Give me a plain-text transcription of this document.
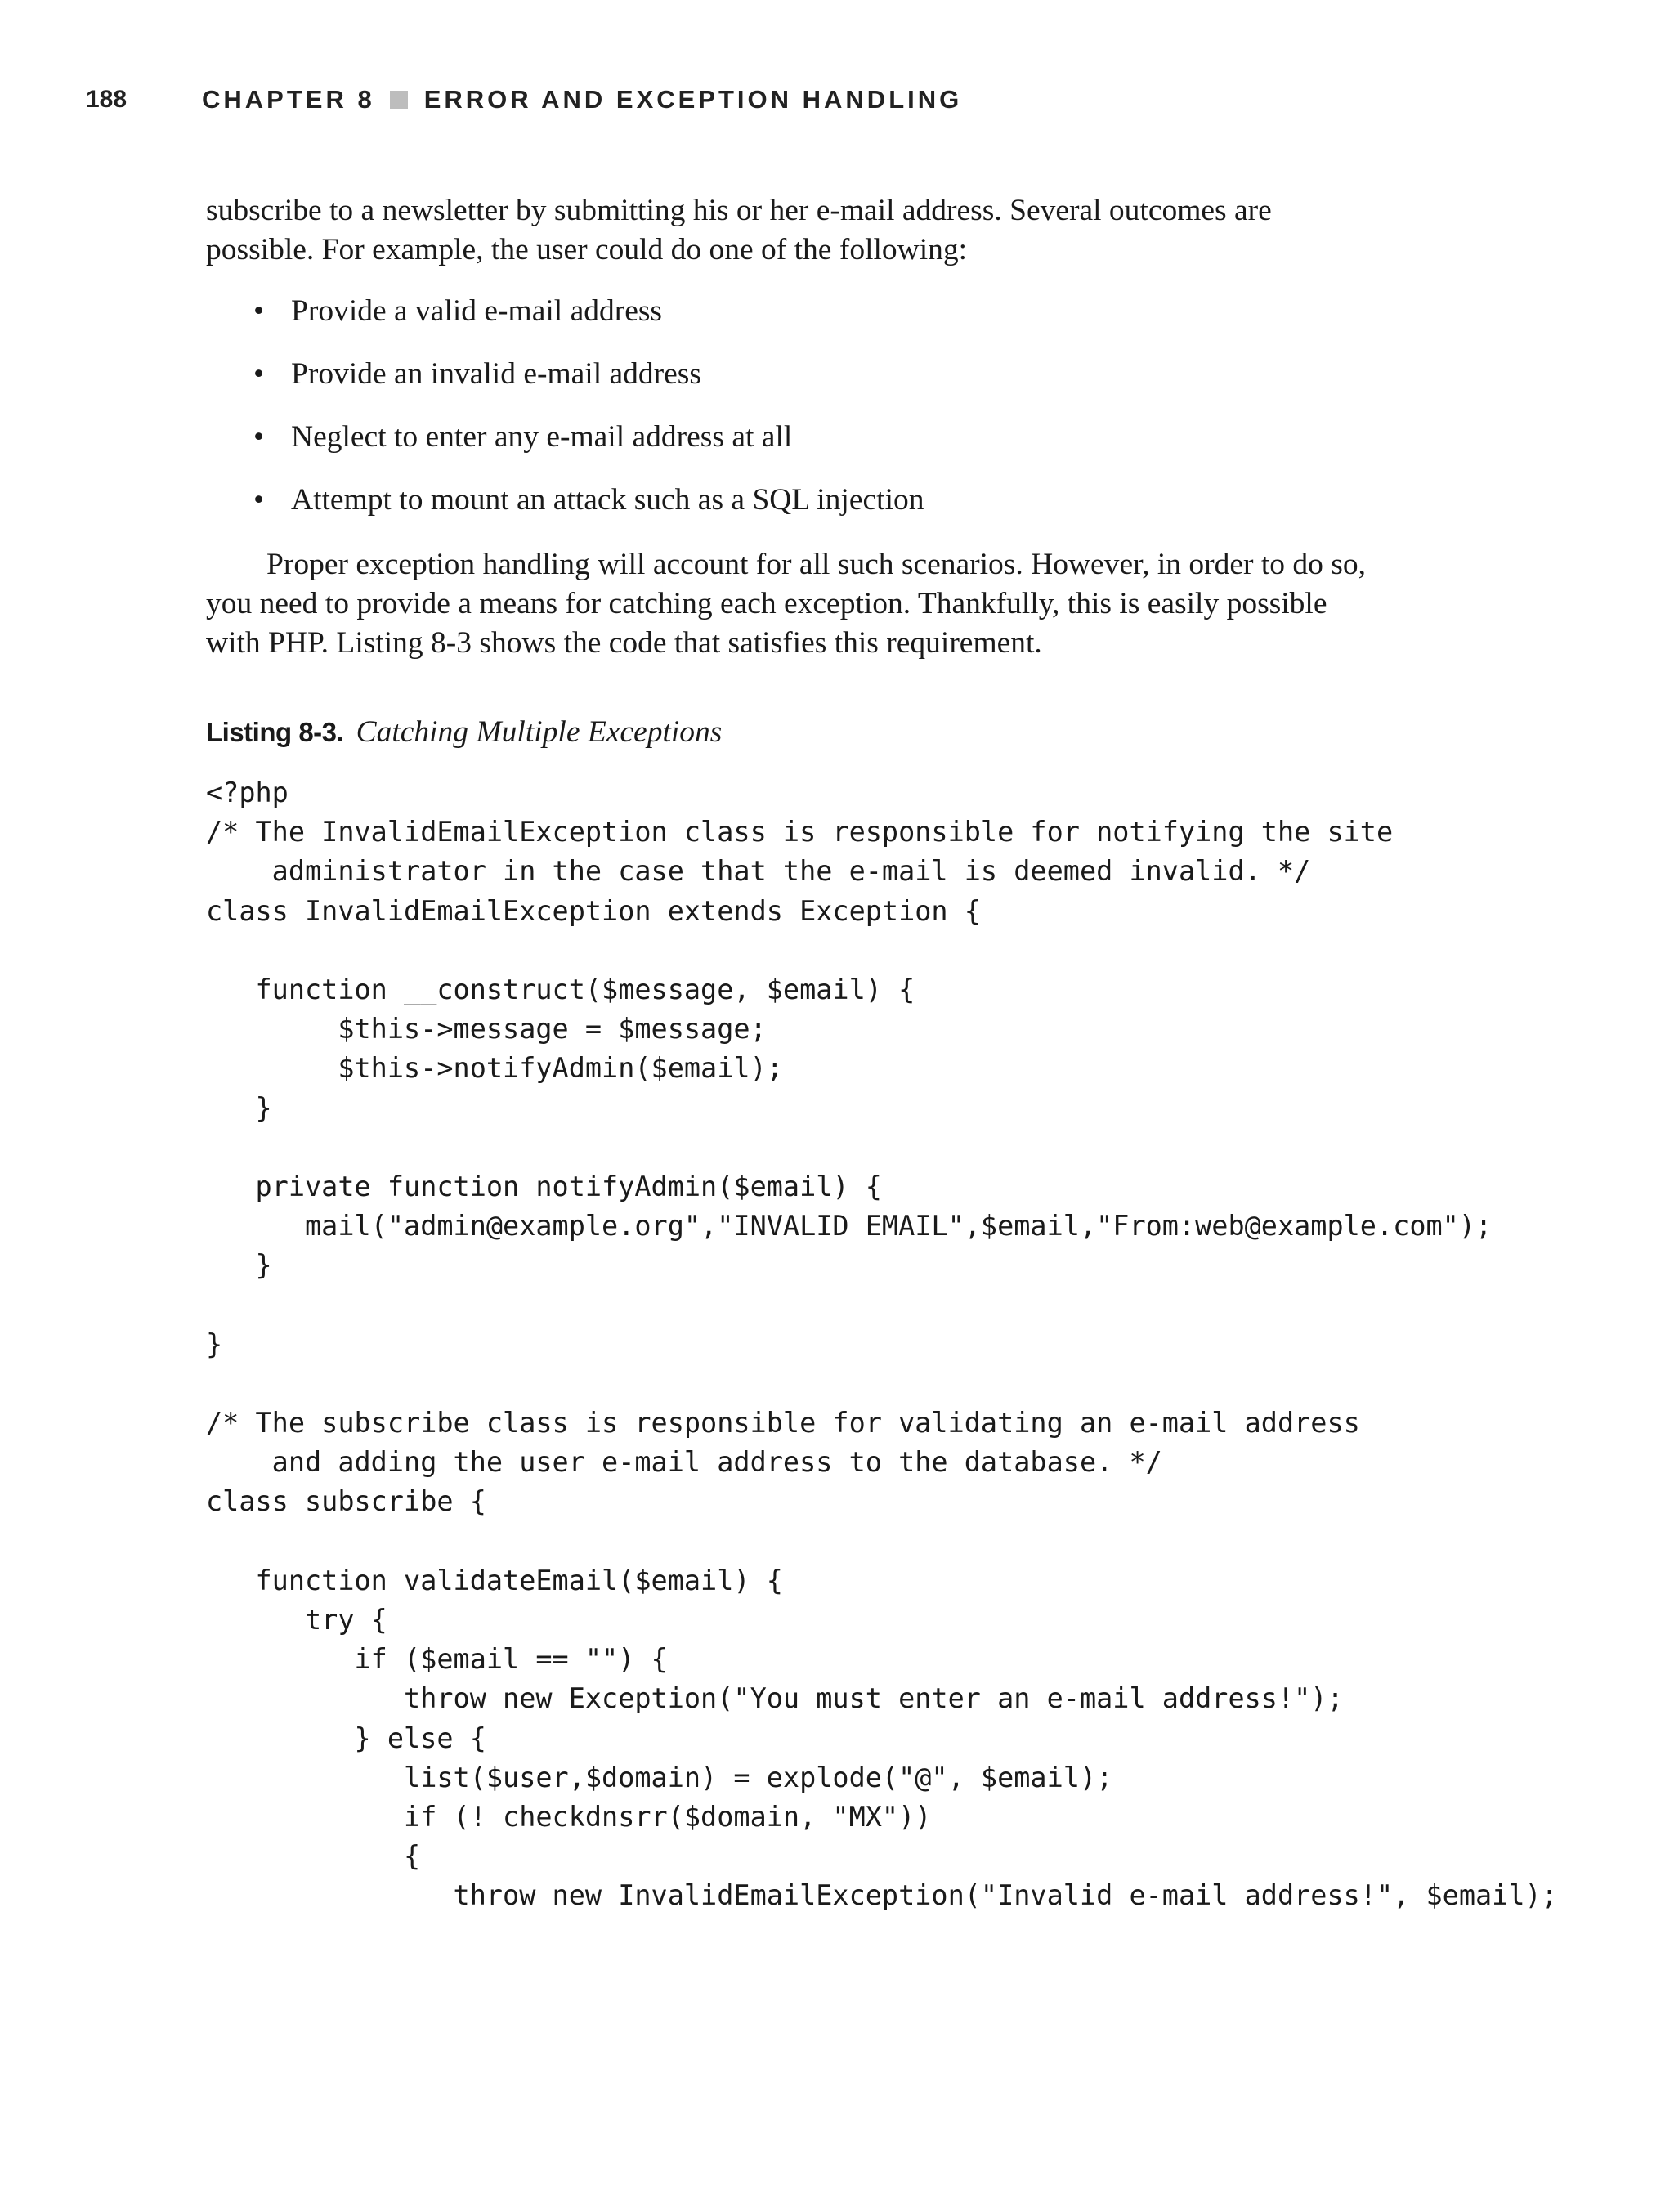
188	CHAPTER 8 ERROR AND EXCEPTION HANDLING
subscribe to a newsletter by submitting his or her e-mail address. Several outcomes are
possible. For example, the user could do one of the following:
• Provide a valid e-mail address
• Provide an invalid e-mail address
• Neglect to enter any e-mail address at all
• Attempt to mount an attack such as a SQL injection
Proper exception handling will account for all such scenarios. However, in order to do so,
you need to provide a means for catching each exception. Thankfully, this is easily possible
with PHP. Listing 8-3 shows the code that satisfies this requirement.
Listing 8-3. Catching Multiple Exceptions
<?php
/* The InvalidEmailException class is responsible for notifying the site
administrator in the case that the e-mail is deemed invalid. */
class InvalidEmailException extends Exception {
function __construct($message, $email) {
$this->message = $message;
$this->notifyAdmin($email);
}
private function notifyAdmin($email) {
mail("admin@example.org","INVALID EMAIL",$email,"From:web@example.com");
}
}
/* The subscribe class is responsible for validating an e-mail address
and adding the user e-mail address to the database. */
class subscribe {
function validateEmail($email) {
try {
if ($email == "") {
throw new Exception("You must enter an e-mail address!");
} else {
list($user,$domain) = explode("@", $email);
if (! checkdnsrr($domain, "MX"))
{
throw new InvalidEmailException("Invalid e-mail address!", $email);
